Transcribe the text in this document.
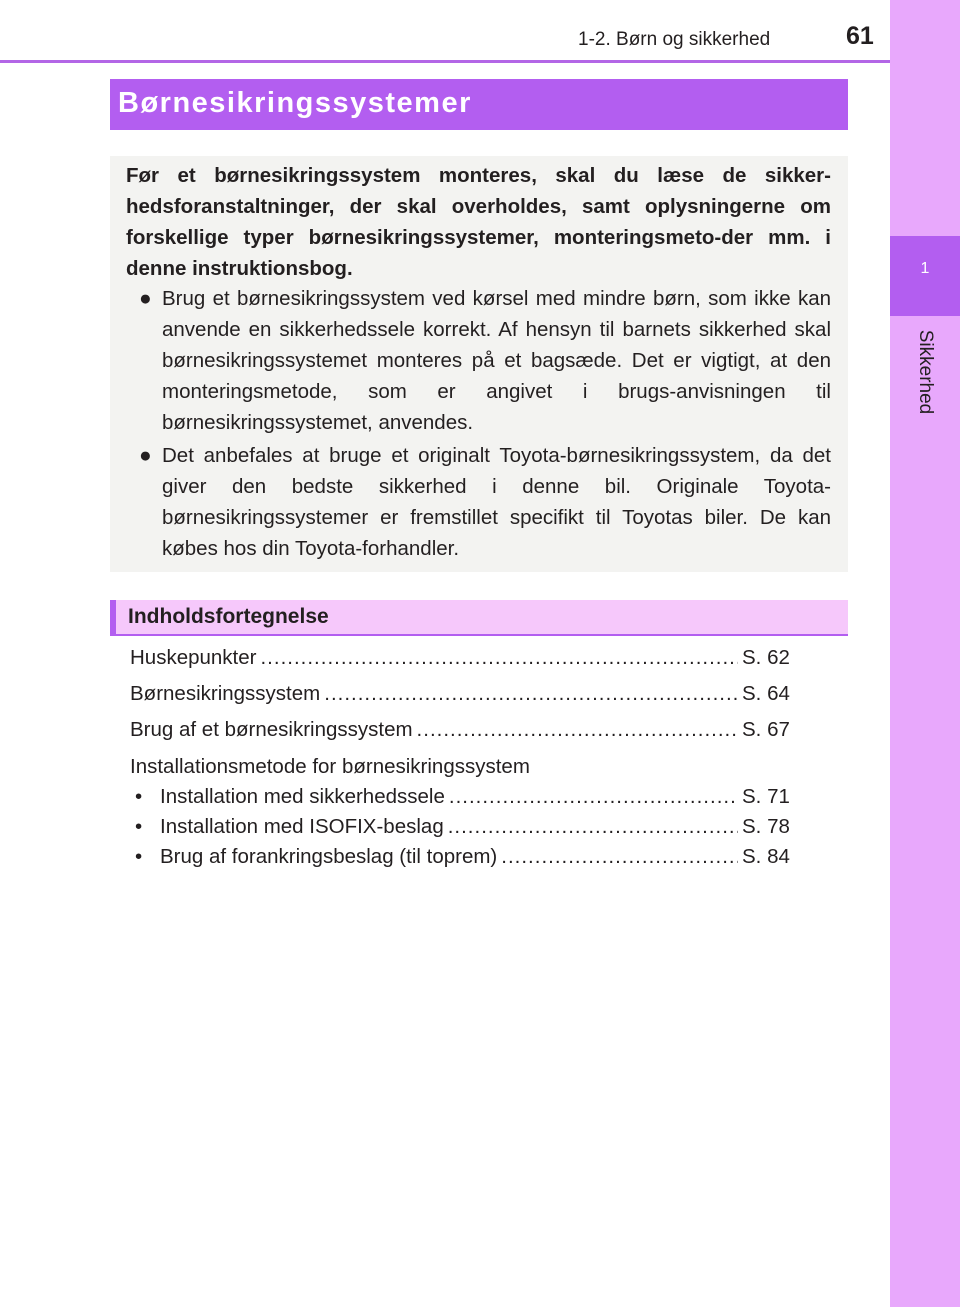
1-2. Børn og sikkerhed	61
1
Sikkerhed
Børnesikringssystemer

Før et børnesikringssystem monteres, skal du læse de sikker-hedsforanstaltninger, der skal overholdes, samt oplysningerne om forskellige typer børnesikringssystemer, monteringsmeto-der mm. i denne instruktionsbog.

● Brug et børnesikringssystem ved kørsel med mindre børn, som ikke kan anvende en sikkerhedssele korrekt. Af hensyn til barnets sikkerhed skal børnesikringssystemet monteres på et bagsæde. Det er vigtigt, at den monteringsmetode, som er angivet i brugs-anvisningen til børnesikringssystemet, anvendes.
● Det anbefales at bruge et originalt Toyota-børnesikringssystem, da det giver den bedste sikkerhed i denne bil. Originale Toyota-børnesikringssystemer er fremstillet specifikt til Toyotas biler. De kan købes hos din Toyota-forhandler.
Indholdsfortegnelse
Huskepunkter .....	S. 62
Børnesikringssystem .....	S. 64
Brug af et børnesikringssystem .....	S. 67
Installationsmetode for børnesikringssystem
• Installation med sikkerhedssele .....	S. 71
• Installation med ISOFIX-beslag .....	S. 78
• Brug af forankringsbeslag (til toprem) .....	S. 84
